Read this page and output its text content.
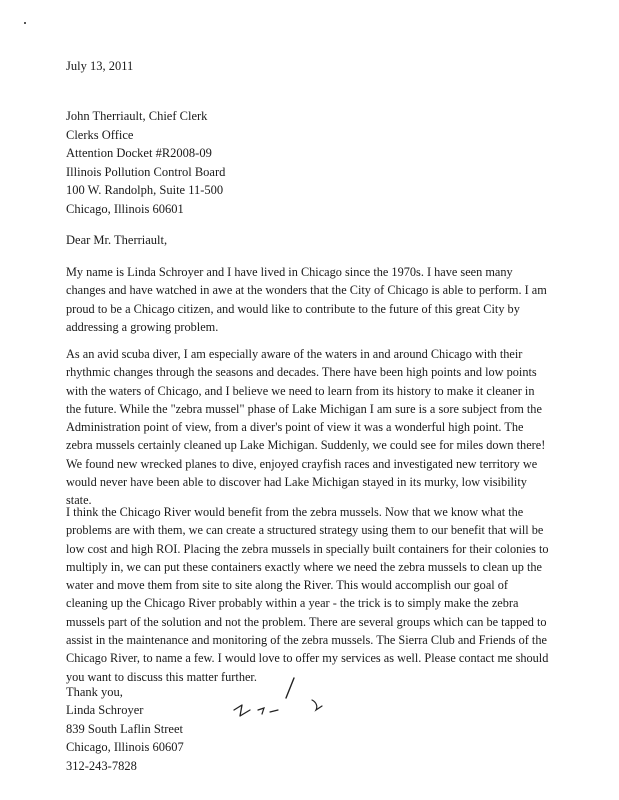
July 13, 2011
John Therriault, Chief Clerk
Clerks Office
Attention Docket #R2008-09
Illinois Pollution Control Board
100 W. Randolph, Suite 11-500
Chicago, Illinois 60601
Dear Mr. Therriault,

My name is Linda Schroyer and I have lived in Chicago since the 1970s. I have seen many changes and have watched in awe at the wonders that the City of Chicago is able to perform. I am proud to be a Chicago citizen, and would like to contribute to the future of this great City by addressing a growing problem.

As an avid scuba diver, I am especially aware of the waters in and around Chicago with their rhythmic changes through the seasons and decades. There have been high points and low points with the waters of Chicago, and I believe we need to learn from its history to make it cleaner in the future. While the "zebra mussel" phase of Lake Michigan I am sure is a sore subject from the Administration point of view, from a diver's point of view it was a wonderful high point. The zebra mussels certainly cleaned up Lake Michigan. Suddenly, we could see for miles down there! We found new wrecked planes to dive, enjoyed crayfish races and investigated new territory we would never have been able to discover had Lake Michigan stayed in its murky, low visibility state.

I think the Chicago River would benefit from the zebra mussels. Now that we know what the problems are with them, we can create a structured strategy using them to our benefit that will be low cost and high ROI. Placing the zebra mussels in specially built containers for their colonies to multiply in, we can put these containers exactly where we need the zebra mussels to clean up the water and move them from site to site along the River. This would accomplish our goal of cleaning up the Chicago River probably within a year - the trick is to simply make the zebra mussels part of the solution and not the problem. There are several groups which can be tapped to assist in the maintenance and monitoring of the zebra mussels. The Sierra Club and Friends of the Chicago River, to name a few. I would love to offer my services as well. Please contact me should you want to discuss this matter further.

Thank you,
Linda Schroyer
839 South Laflin Street
Chicago, Illinois 60607
312-243-7828
